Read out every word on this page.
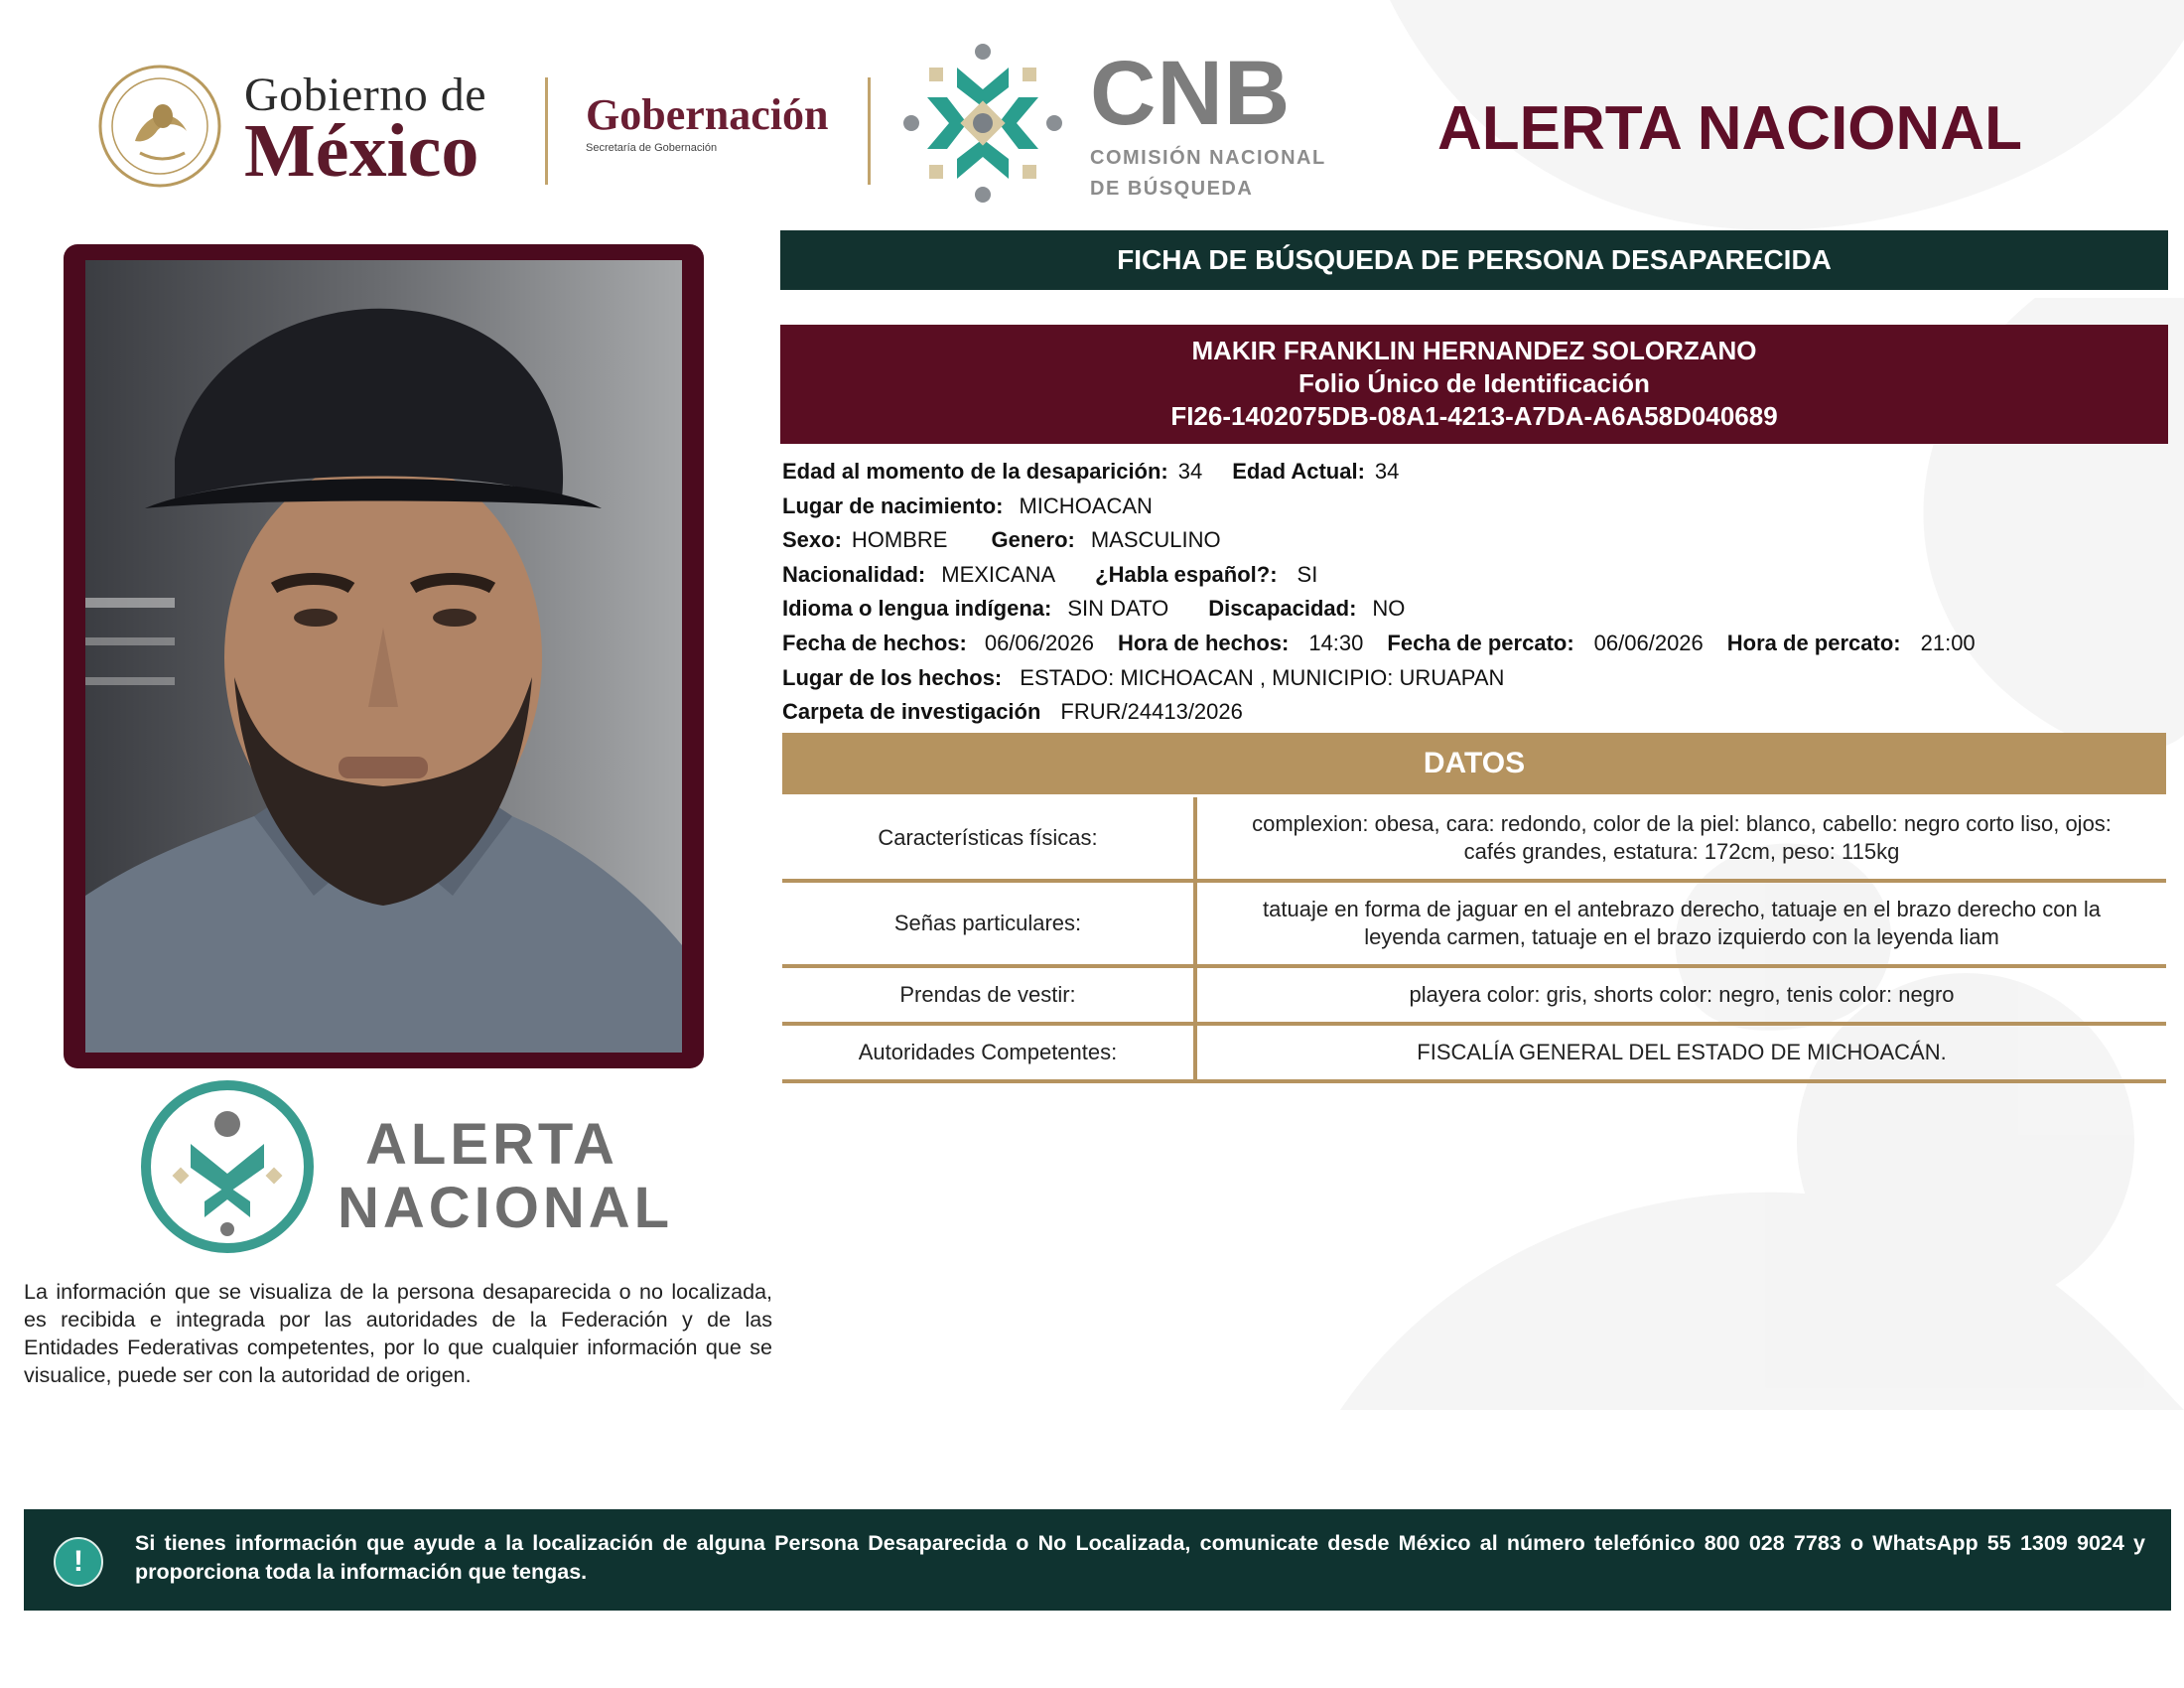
Gobierno de
México Gobernación
Secretaría de Gobernación
CNB
COMISIÓN NACIONAL
DE BÚSQUEDA
ALERTA NACIONAL
FICHA DE BÚSQUEDA DE PERSONA DESAPARECIDA
MAKIR FRANKLIN HERNANDEZ SOLORZANO
Folio Único de Identificación
FI26-1402075DB-08A1-4213-A7DA-A6A58D040689
Edad al momento de la desaparición: 34 Edad Actual: 34
Lugar de nacimiento: MICHOACAN
Sexo: HOMBRE Genero: MASCULINO
Nacionalidad: MEXICANA ¿Habla español?: SI
Idioma o lengua indígena: SIN DATO Discapacidad: NO
Fecha de hechos: 06/06/2026 Hora de hechos: 14:30 Fecha de percato: 06/06/2026 Hora de percato: 21:00
Lugar de los hechos: ESTADO: MICHOACAN , MUNICIPIO: URUAPAN
Carpeta de investigación FRUR/24413/2026
DATOS
Características físicas:
complexion: obesa, cara: redondo, color de la piel: blanco, cabello: negro corto liso, ojos: cafés grandes, estatura: 172cm, peso: 115kg
Señas particulares:
tatuaje en forma de jaguar en el antebrazo derecho, tatuaje en el brazo derecho con la leyenda carmen, tatuaje en el brazo izquierdo con la leyenda liam
Prendas de vestir:	playera color: gris, shorts color: negro, tenis color: negro
Autoridades Competentes:	FISCALÍA GENERAL DEL ESTADO DE MICHOACÁN.
ALERTA
NACIONAL
La información que se visualiza de la persona desaparecida o no localizada, es recibida e integrada por las autoridades de la Federación y de las Entidades Federativas competentes, por lo que cualquier información que se visualice, puede ser con la autoridad de origen.
!
Si tienes información que ayude a la localización de alguna Persona Desaparecida o No Localizada, comunicate desde México al número telefónico 800 028 7783 o WhatsApp 55 1309 9024 y proporciona toda la información que tengas.
